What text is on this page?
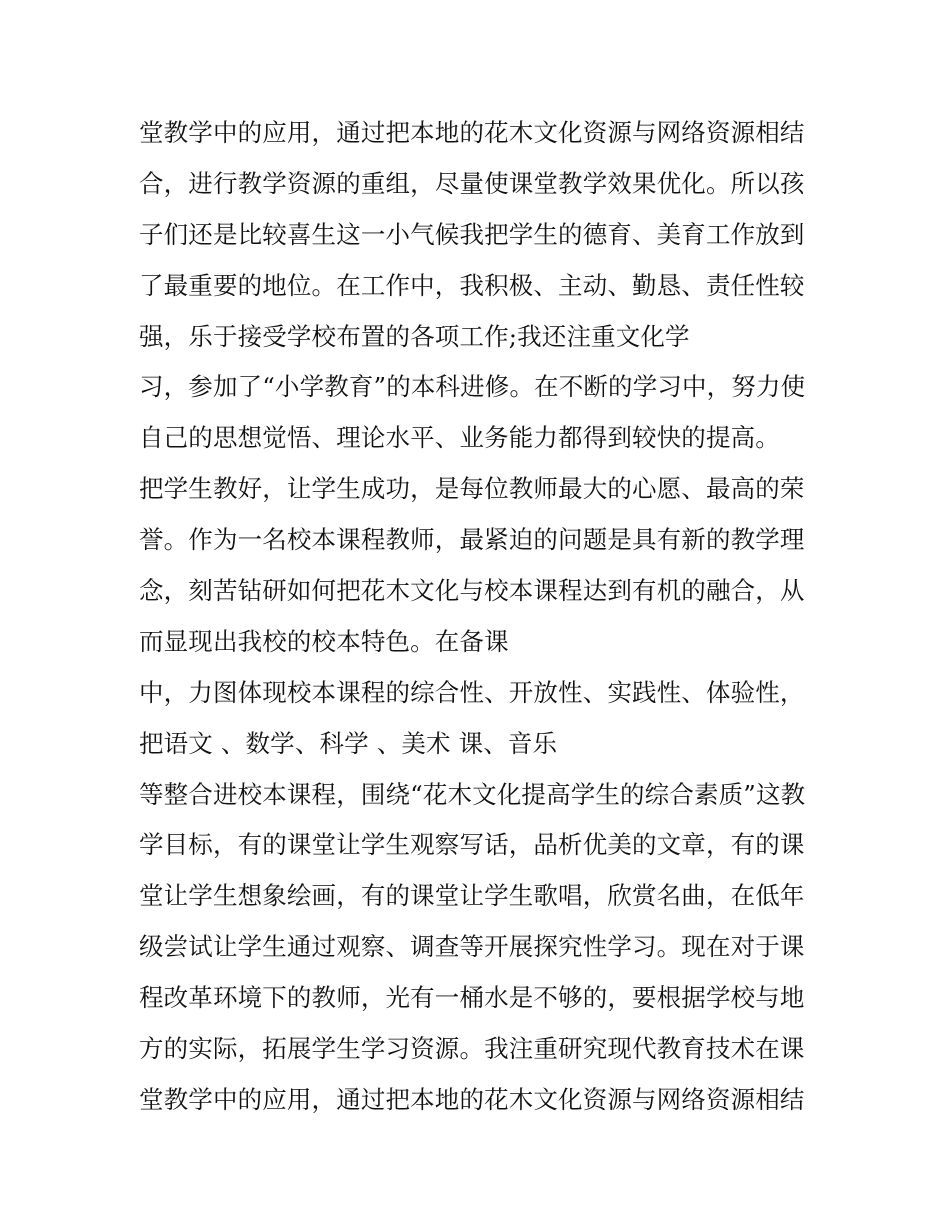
堂教学中的应用，通过把本地的花木文化资源与网络资源相结
合，进行教学资源的重组，尽量使课堂教学效果优化。所以孩
子们还是比较喜生这一小气候我把学生的德育、美育工作放到
了最重要的地位。在工作中，我积极、主动、勤恳、责任性较
强，乐于接受学校布置的各项工作;我还注重文化学
习，参加了“小学教育”的本科进修。在不断的学习中，努力使
自己的思想觉悟、理论水平、业务能力都得到较快的提高。
把学生教好，让学生成功，是每位教师最大的心愿、最高的荣
誉。作为一名校本课程教师，最紧迫的问题是具有新的教学理
念，刻苦钻研如何把花木文化与校本课程达到有机的融合，从
而显现出我校的校本特色。在备课
中，力图体现校本课程的综合性、开放性、实践性、体验性，
把语文 、数学、科学 、美术 课、音乐
等整合进校本课程，围绕“花木文化提高学生的综合素质”这教
学目标，有的课堂让学生观察写话，品析优美的文章，有的课
堂让学生想象绘画，有的课堂让学生歌唱，欣赏名曲，在低年
级尝试让学生通过观察、调查等开展探究性学习。现在对于课
程改革环境下的教师，光有一桶水是不够的，要根据学校与地
方的实际，拓展学生学习资源。我注重研究现代教育技术在课
堂教学中的应用，通过把本地的花木文化资源与网络资源相结
